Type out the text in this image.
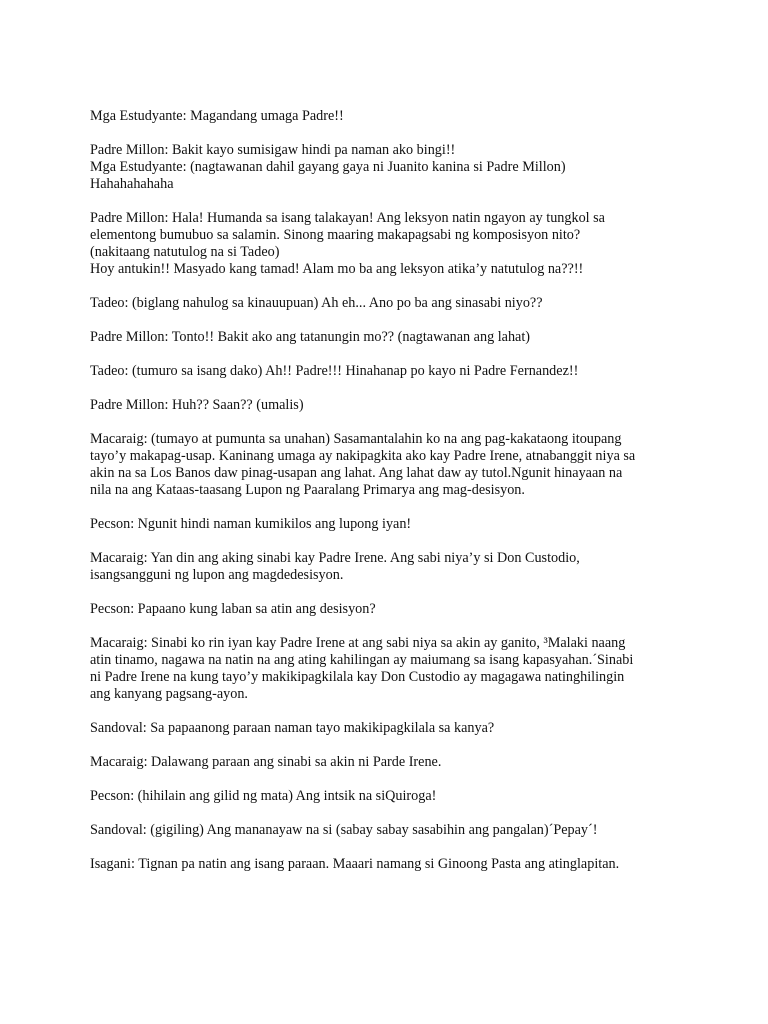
Mga Estudyante: Magandang umaga Padre!!
Padre Millon: Bakit kayo sumisigaw hindi pa naman ako bingi!!
Mga Estudyante: (nagtawanan dahil gayang gaya ni Juanito kanina si Padre Millon)
Hahahahahaha
Padre Millon: Hala! Humanda sa isang talakayan! Ang leksyon natin ngayon ay tungkol sa
elementong bumubuo sa salamin. Sinong maaring makapagsabi ng komposisyon nito?
(nakitaang natutulog na si Tadeo)
Hoy antukin!! Masyado kang tamad! Alam mo ba ang leksyon atika’y natutulog na??!!
Tadeo: (biglang nahulog sa kinauupuan) Ah eh... Ano po ba ang sinasabi niyo??
Padre Millon: Tonto!! Bakit ako ang tatanungin mo?? (nagtawanan ang lahat)
Tadeo: (tumuro sa isang dako) Ah!! Padre!!! Hinahanap po kayo ni Padre Fernandez!!
Padre Millon: Huh?? Saan?? (umalis)
Macaraig: (tumayo at pumunta sa unahan) Sasamantalahin ko na ang pag-kakataong itoupang
tayo’y makapag-usap. Kaninang umaga ay nakipagkita ako kay Padre Irene, atnabanggit niya sa
akin na sa Los Banos daw pinag-usapan ang lahat. Ang lahat daw ay tutol.Ngunit hinayaan na
nila na ang Kataas-taasang Lupon ng Paaralang Primarya ang mag-desisyon.
Pecson: Ngunit hindi naman kumikilos ang lupong iyan!
Macaraig: Yan din ang aking sinabi kay Padre Irene. Ang sabi niya’y si Don Custodio,
isangsangguni ng lupon ang magdedesisyon.
Pecson: Papaano kung laban sa atin ang desisyon?
Macaraig: Sinabi ko rin iyan kay Padre Irene at ang sabi niya sa akin ay ganito, ³Malaki naang
atin tinamo, nagawa na natin na ang ating kahilingan ay maiumang sa isang kapasyahan.´Sinabi
ni Padre Irene na kung tayo’y makikipagkilala kay Don Custodio ay magagawa natinghilingin
ang kanyang pagsang-ayon.
Sandoval: Sa papaanong paraan naman tayo makikipagkilala sa kanya?
Macaraig: Dalawang paraan ang sinabi sa akin ni Parde Irene.
Pecson: (hihilain ang gilid ng mata) Ang intsik na siQuiroga!
Sandoval: (gigiling) Ang mananayaw na si (sabay sabay sasabihin ang pangalan)´Pepay´!
Isagani: Tignan pa natin ang isang paraan. Maaari namang si Ginoong Pasta ang atinglapitan.
